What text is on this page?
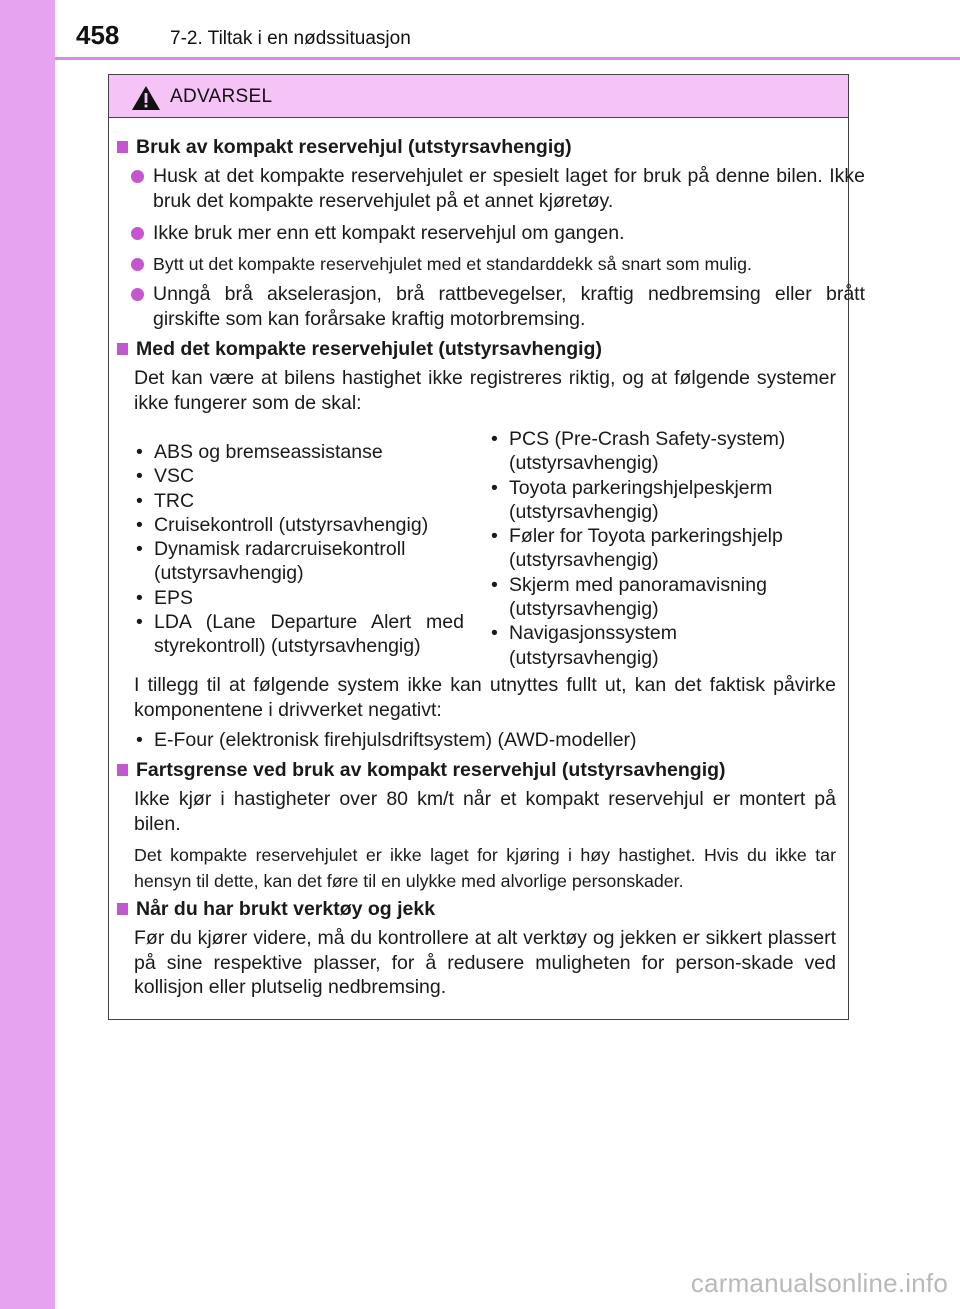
458	7-2. Tiltak i en nødssituasjon
ADVARSEL
Bruk av kompakt reservehjul (utstyrsavhengig)
Husk at det kompakte reservehjulet er spesielt laget for bruk på denne bilen. Ikke bruk det kompakte reservehjulet på et annet kjøretøy.
Ikke bruk mer enn ett kompakt reservehjul om gangen.
Bytt ut det kompakte reservehjulet med et standarddekk så snart som mulig.
Unngå brå akselerasjon, brå rattbevegelser, kraftig nedbremsing eller brått girskifte som kan forårsake kraftig motorbremsing.
Med det kompakte reservehjulet (utstyrsavhengig)
Det kan være at bilens hastighet ikke registreres riktig, og at følgende systemer ikke fungerer som de skal:
• ABS og bremseassistanse
• VSC
• TRC
• Cruisekontroll (utstyrsavhengig)
• Dynamisk radarcruisekontroll
(utstyrsavhengig)
• EPS
• LDA (Lane Departure Alert med styrekontroll) (utstyrsavhengig)
• PCS (Pre-Crash Safety-system)
(utstyrsavhengig)
• Toyota parkeringshjelpeskjerm
(utstyrsavhengig)
• Føler for Toyota parkeringshjelp
(utstyrsavhengig)
• Skjerm med panoramavisning
(utstyrsavhengig)
• Navigasjonssystem
(utstyrsavhengig)
I tillegg til at følgende system ikke kan utnyttes fullt ut, kan det faktisk påvirke komponentene i drivverket negativt:
• E-Four (elektronisk firehjulsdriftsystem) (AWD-modeller)
Fartsgrense ved bruk av kompakt reservehjul (utstyrsavhengig)
Ikke kjør i hastigheter over 80 km/t når et kompakt reservehjul er montert på bilen.
Det kompakte reservehjulet er ikke laget for kjøring i høy hastighet. Hvis du ikke tar hensyn til dette, kan det føre til en ulykke med alvorlige personskader.
Når du har brukt verktøy og jekk
Før du kjører videre, må du kontrollere at alt verktøy og jekken er sikkert plassert på sine respektive plasser, for å redusere muligheten for person-skade ved kollisjon eller plutselig nedbremsing.
carmanualsonline.info
